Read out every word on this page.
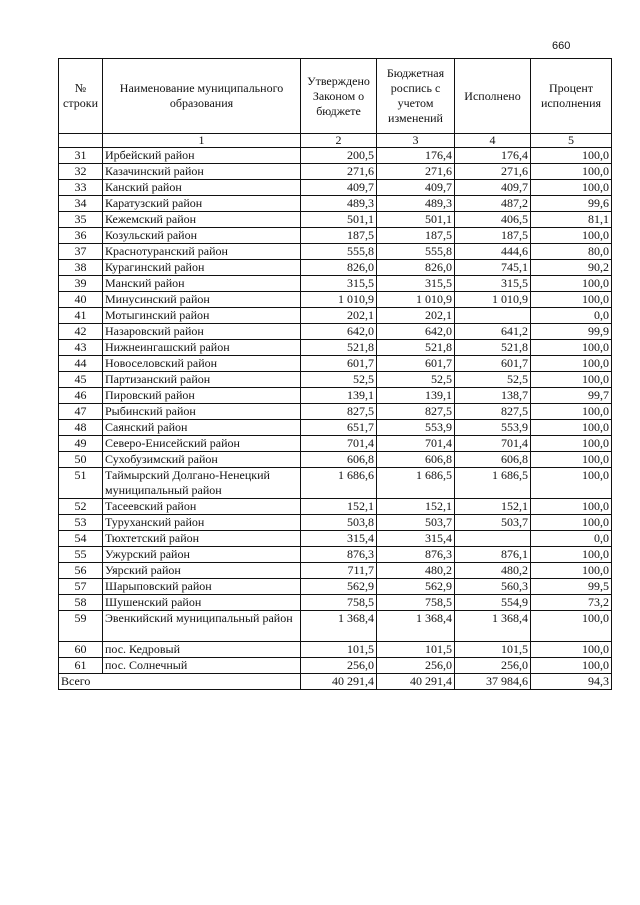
660
№ строки	Наименование муниципального образования	Утверждено Законом о бюджете	Бюджетная роспись с учетом изменений	Исполнено	Процент исполнения
	1	2	3	4	5
31	Ирбейский район	200,5	176,4	176,4	100,0
32	Казачинский район	271,6	271,6	271,6	100,0
33	Канский район	409,7	409,7	409,7	100,0
34	Каратузский район	489,3	489,3	487,2	99,6
35	Кежемский район	501,1	501,1	406,5	81,1
36	Козульский район	187,5	187,5	187,5	100,0
37	Краснотуранский район	555,8	555,8	444,6	80,0
38	Курагинский район	826,0	826,0	745,1	90,2
39	Манский район	315,5	315,5	315,5	100,0
40	Минусинский район	1 010,9	1 010,9	1 010,9	100,0
41	Мотыгинский район	202,1	202,1		0,0
42	Назаровский район	642,0	642,0	641,2	99,9
43	Нижнеингашский район	521,8	521,8	521,8	100,0
44	Новоселовский район	601,7	601,7	601,7	100,0
45	Партизанский район	52,5	52,5	52,5	100,0
46	Пировский район	139,1	139,1	138,7	99,7
47	Рыбинский район	827,5	827,5	827,5	100,0
48	Саянский район	651,7	553,9	553,9	100,0
49	Северо-Енисейский район	701,4	701,4	701,4	100,0
50	Сухобузимский район	606,8	606,8	606,8	100,0
51	Таймырский Долгано-Ненецкий муниципальный район	1 686,6	1 686,5	1 686,5	100,0
52	Тасеевский район	152,1	152,1	152,1	100,0
53	Туруханский район	503,8	503,7	503,7	100,0
54	Тюхтетский район	315,4	315,4		0,0
55	Ужурский район	876,3	876,3	876,1	100,0
56	Уярский район	711,7	480,2	480,2	100,0
57	Шарыповский район	562,9	562,9	560,3	99,5
58	Шушенский район	758,5	758,5	554,9	73,2
59	Эвенкийский муниципальный район	1 368,4	1 368,4	1 368,4	100,0
60	пос. Кедровый	101,5	101,5	101,5	100,0
61	пос. Солнечный	256,0	256,0	256,0	100,0
Всего		40 291,4	40 291,4	37 984,6	94,3
